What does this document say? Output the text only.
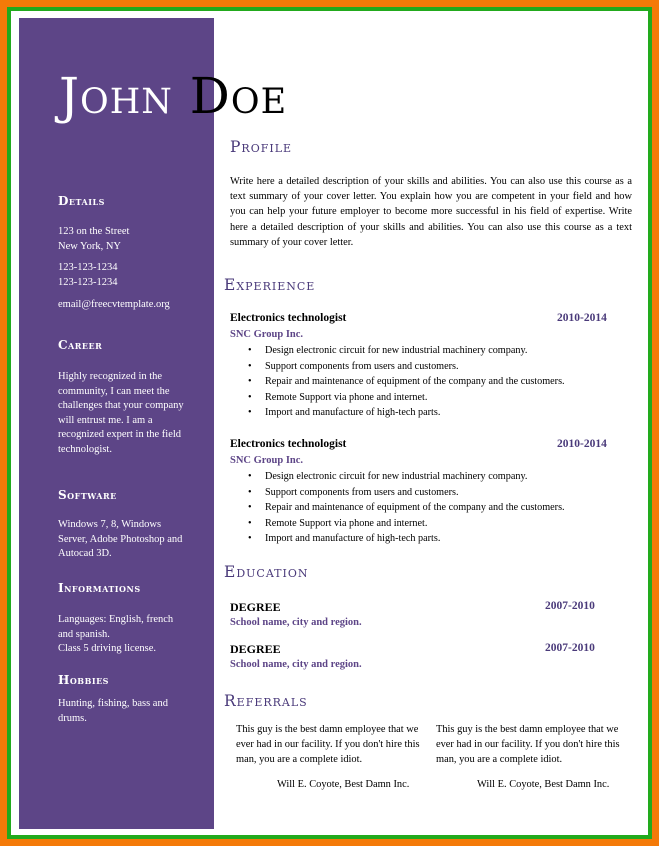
Details
123 on the Street
New York, NY
123-123-1234
123-123-1234
email@freecvtemplate.org
Career
Highly recognized in the community, I can meet the challenges that your company will entrust me. I am a recognized expert in the field technologist.
Software
Windows 7, 8, Windows Server, Adobe Photoshop and Autocad 3D.
Informations
Languages: English, french and spanish.
Class 5 driving license.
Hobbies
Hunting, fishing, bass and drums.
John Doe
Profile
Write here a detailed description of your skills and abilities. You can also use this course as a text summary of your cover letter. You explain how you are competent in your field and how you can help your future employer to become more successful in his field of expertise. Write here a detailed description of your skills and abilities. You can also use this course as a text summary of your cover letter.
Experience
Electronics technologist	2010-2014
SNC Group Inc.
• Design electronic circuit for new industrial machinery company.
• Support components from users and customers.
• Repair and maintenance of equipment of the company and the customers.
• Remote Support via phone and internet.
• Import and manufacture of high-tech parts.
Electronics technologist	2010-2014
SNC Group Inc.
• Design electronic circuit for new industrial machinery company.
• Support components from users and customers.
• Repair and maintenance of equipment of the company and the customers.
• Remote Support via phone and internet.
• Import and manufacture of high-tech parts.
Education
DEGREE	2007-2010
School name, city and region.
DEGREE	2007-2010
School name, city and region.
Referrals
This guy is the best damn employee that we ever had in our facility. If you don't hire this man, you are a complete idiot.
Will E. Coyote, Best Damn Inc.
This guy is the best damn employee that we ever had in our facility. If you don't hire this man, you are a complete idiot.
Will E. Coyote, Best Damn Inc.
